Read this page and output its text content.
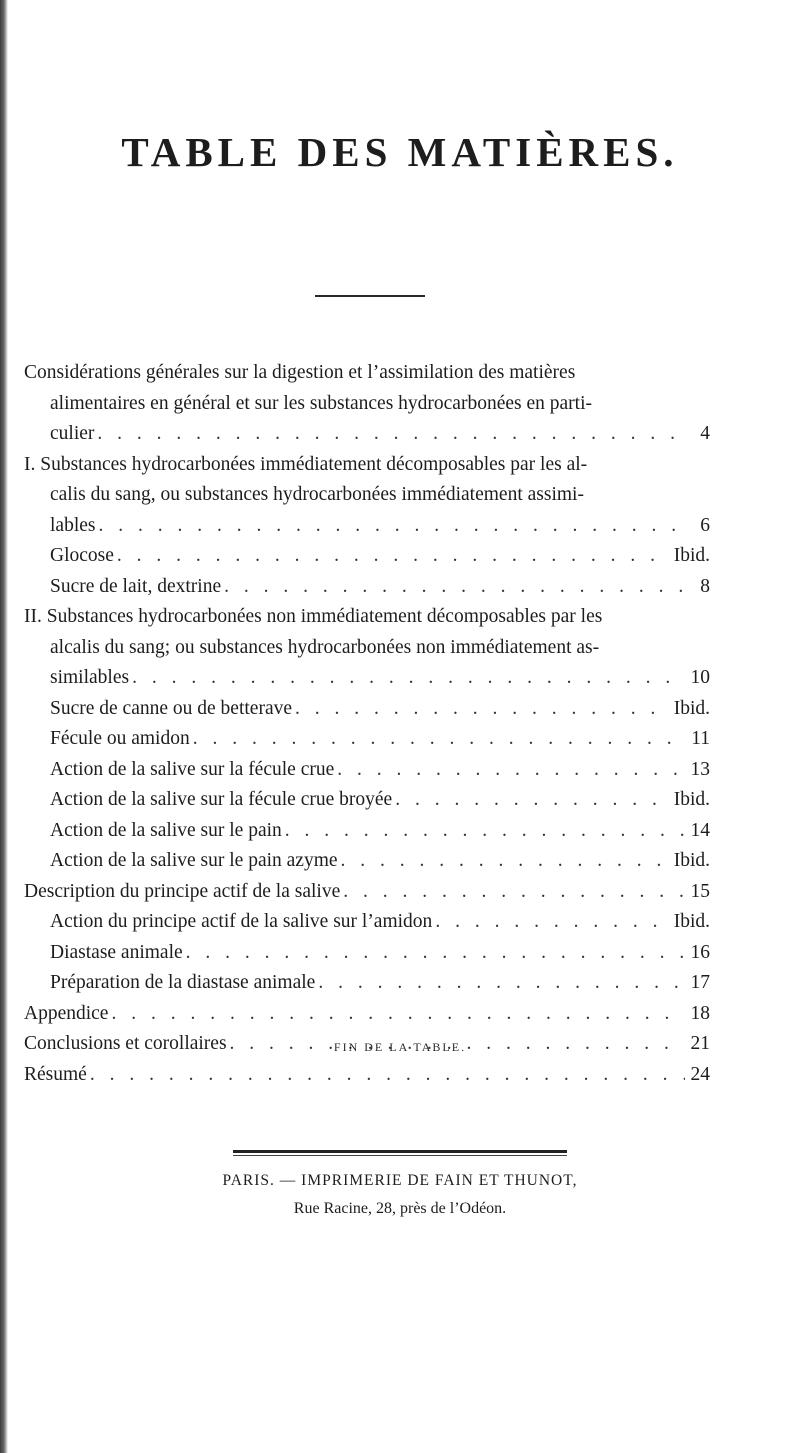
TABLE DES MATIÈRES.
Considérations générales sur la digestion et l’assimilation des matières
alimentaires en général et sur les substances hydrocarbonées en parti-
culier . . .	4
I. Substances hydrocarbonées immédiatement décomposables par les al-
calis du sang, ou substances hydrocarbonées immédiatement assimi-
lables . . .	6
Glocose . . .	Ibid.
Sucre de lait, dextrine . . .	8
II. Substances hydrocarbonées non immédiatement décomposables par les
alcalis du sang; ou substances hydrocarbonées non immédiatement as-
similables . . .	10
Sucre de canne ou de betterave . . .	Ibid.
Fécule ou amidon . . .	11
Action de la salive sur la fécule crue . . .	13
Action de la salive sur la fécule crue broyée . . .	Ibid.
Action de la salive sur le pain . . .	14
Action de la salive sur le pain azyme . . .	Ibid.
Description du principe actif de la salive . . .	15
Action du principe actif de la salive sur l’amidon . . .	Ibid.
Diastase animale . . .	16
Préparation de la diastase animale . . .	17
Appendice . . .	18
Conclusions et corollaires . . .	21
Résumé . . .	24
FIN DE LA TABLE.
PARIS. — IMPRIMERIE DE FAIN ET THUNOT,
Rue Racine, 28, près de l’Odéon.
